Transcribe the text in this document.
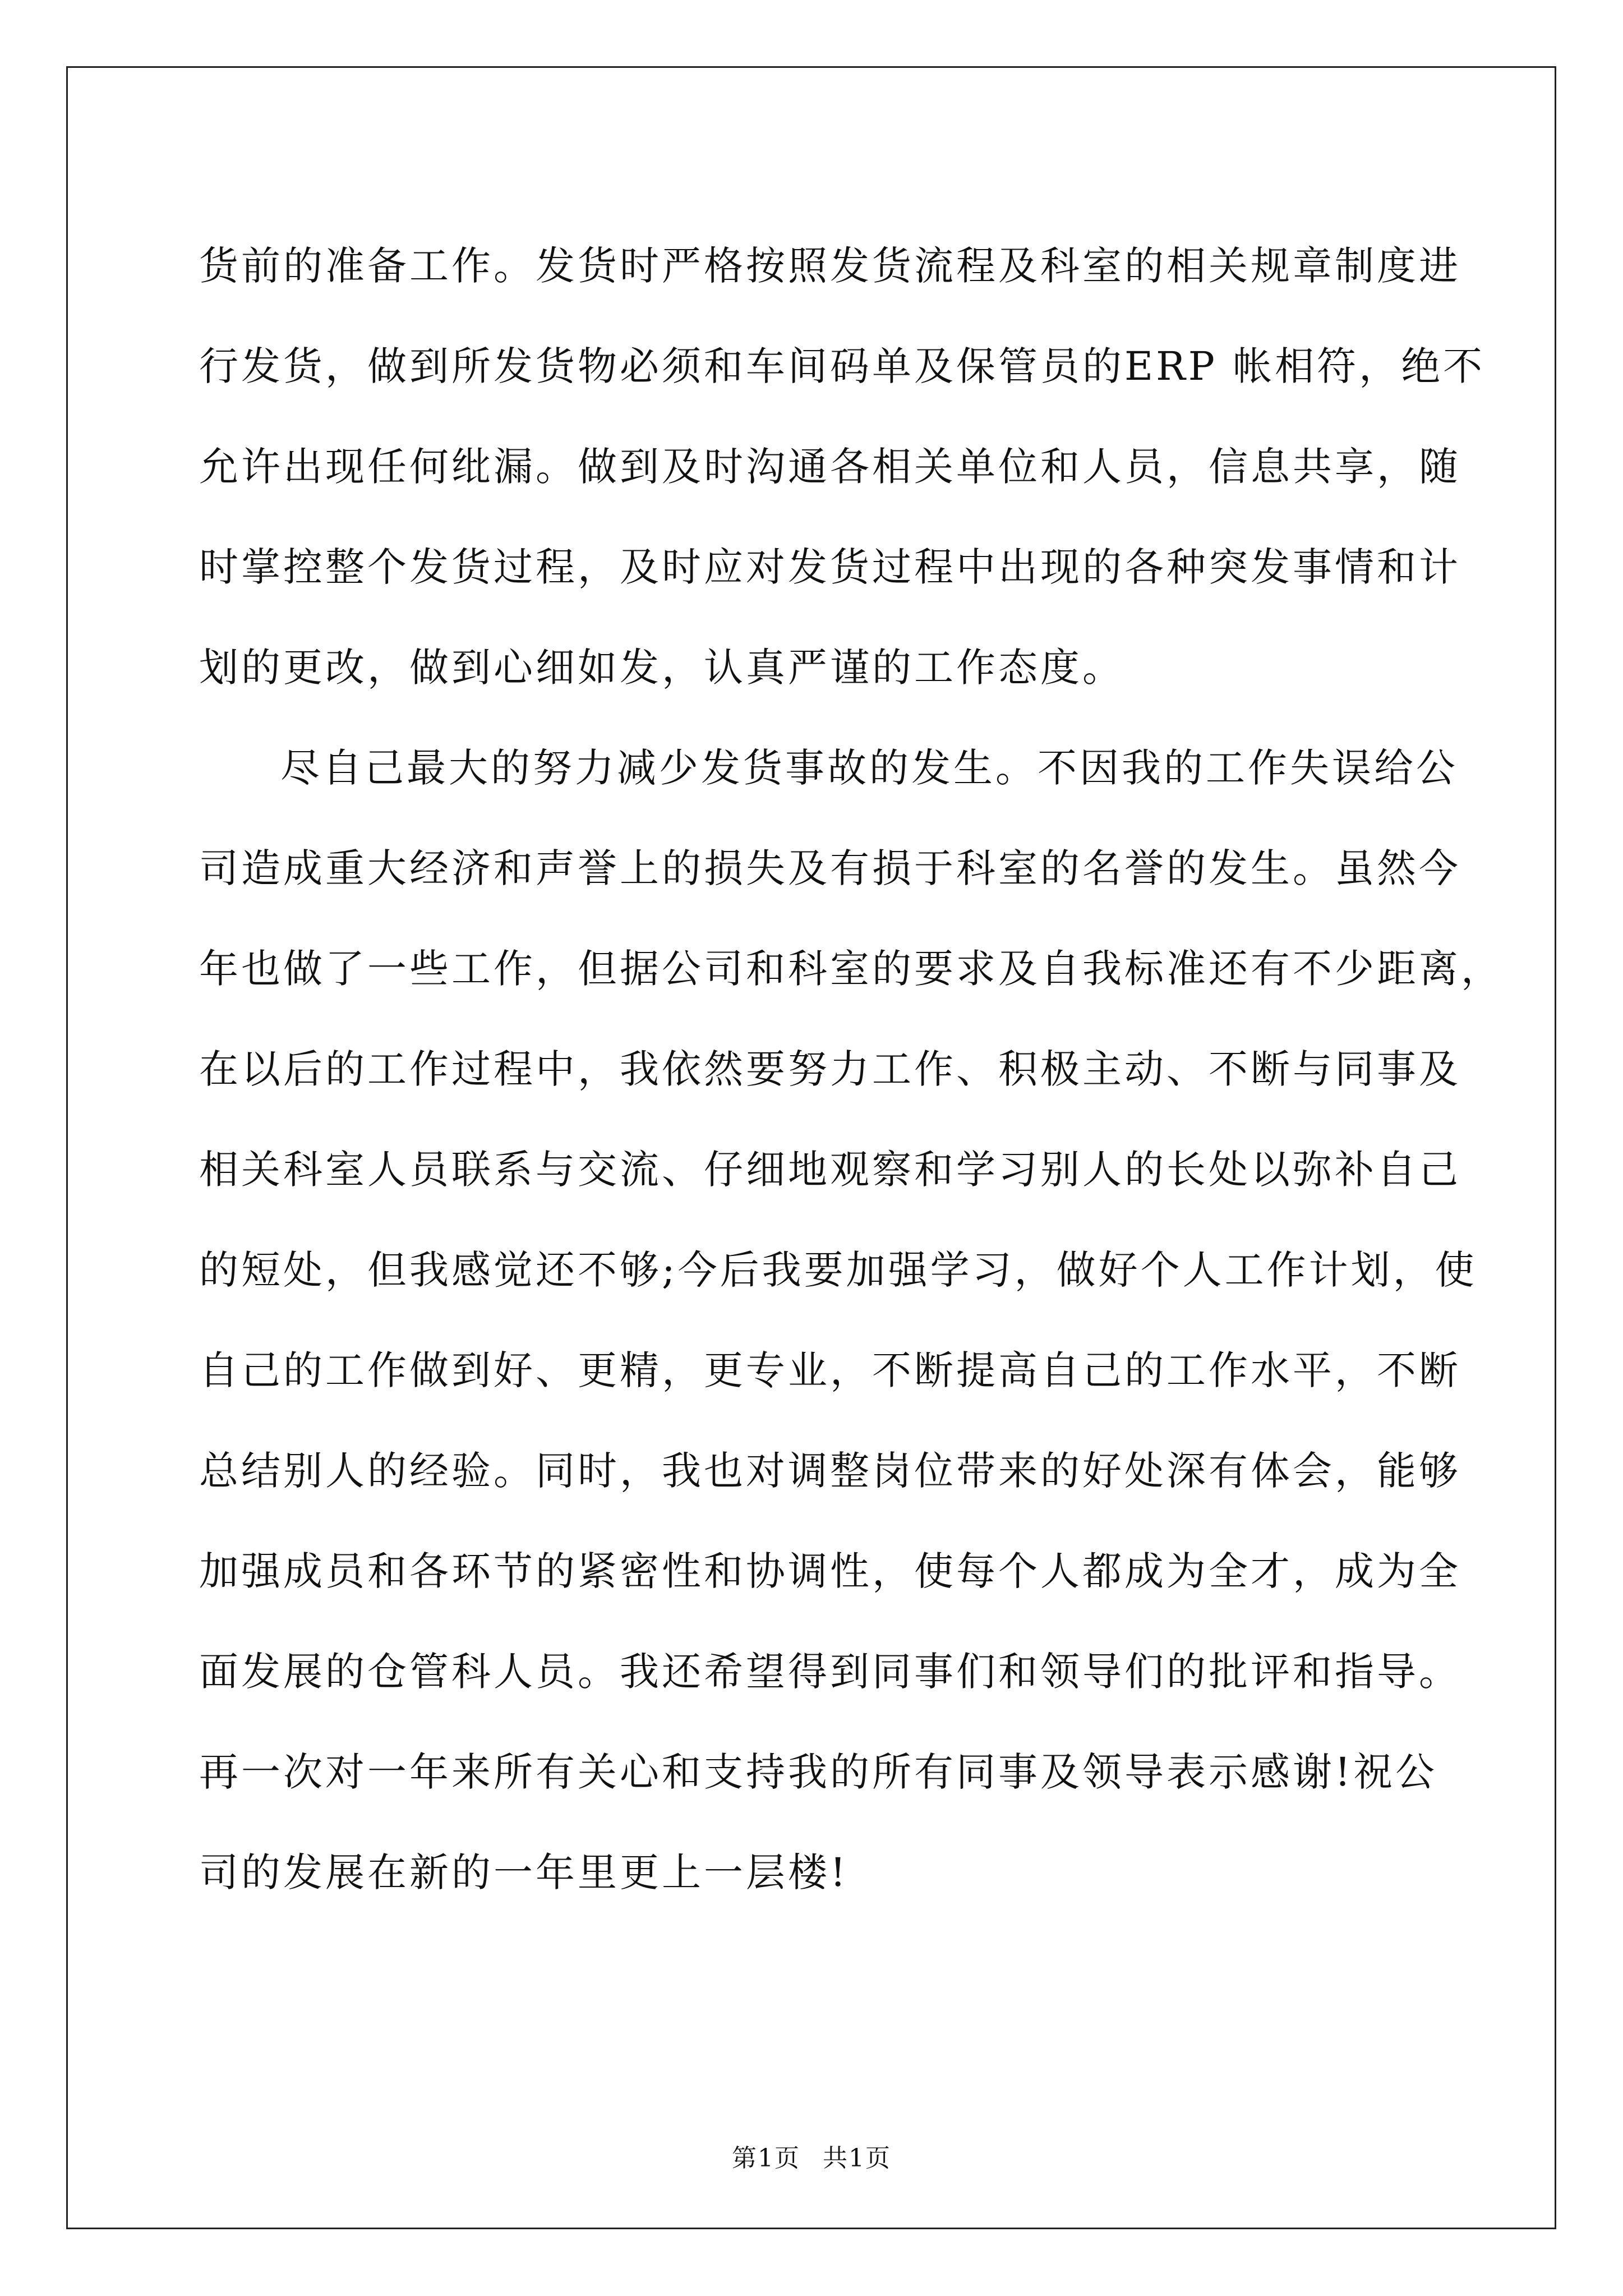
货前的准备工作。发货时严格按照发货流程及科室的相关规章制度进
行发货，做到所发货物必须和车间码单及保管员的ERP 帐相符，绝不
允许出现任何纰漏。做到及时沟通各相关单位和人员，信息共享，随
时掌控整个发货过程，及时应对发货过程中出现的各种突发事情和计
划的更改，做到心细如发，认真严谨的工作态度。
尽自己最大的努力减少发货事故的发生。不因我的工作失误给公
司造成重大经济和声誉上的损失及有损于科室的名誉的发生。虽然今
年也做了一些工作，但据公司和科室的要求及自我标准还有不少距离，
在以后的工作过程中，我依然要努力工作、积极主动、不断与同事及
相关科室人员联系与交流、仔细地观察和学习别人的长处以弥补自己
的短处，但我感觉还不够;今后我要加强学习，做好个人工作计划，使
自己的工作做到好、更精，更专业，不断提高自己的工作水平，不断
总结别人的经验。同时，我也对调整岗位带来的好处深有体会，能够
加强成员和各环节的紧密性和协调性，使每个人都成为全才，成为全
面发展的仓管科人员。我还希望得到同事们和领导们的批评和指导。
再一次对一年来所有关心和支持我的所有同事及领导表示感谢!祝公
司的发展在新的一年里更上一层楼!
第1页 共1页
